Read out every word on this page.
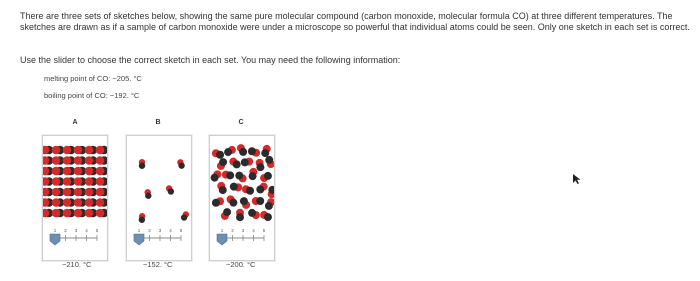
There are three sets of sketches below, showing the same pure molecular compound (carbon monoxide, molecular formula CO) at three different temperatures. The sketches are drawn as if a sample of carbon monoxide were under a microscope so powerful that individual atoms could be seen. Only one sketch in each set is correct.
Use the slider to choose the correct sketch in each set. You may need the following information:
melting point of CO: −205. °C
boiling point of CO: −192. °C
A
1 2 3 4 5
−210. °C
B
1 2 3 4 5
−152. °C
C
1 2 3 4 5
−200. °C
